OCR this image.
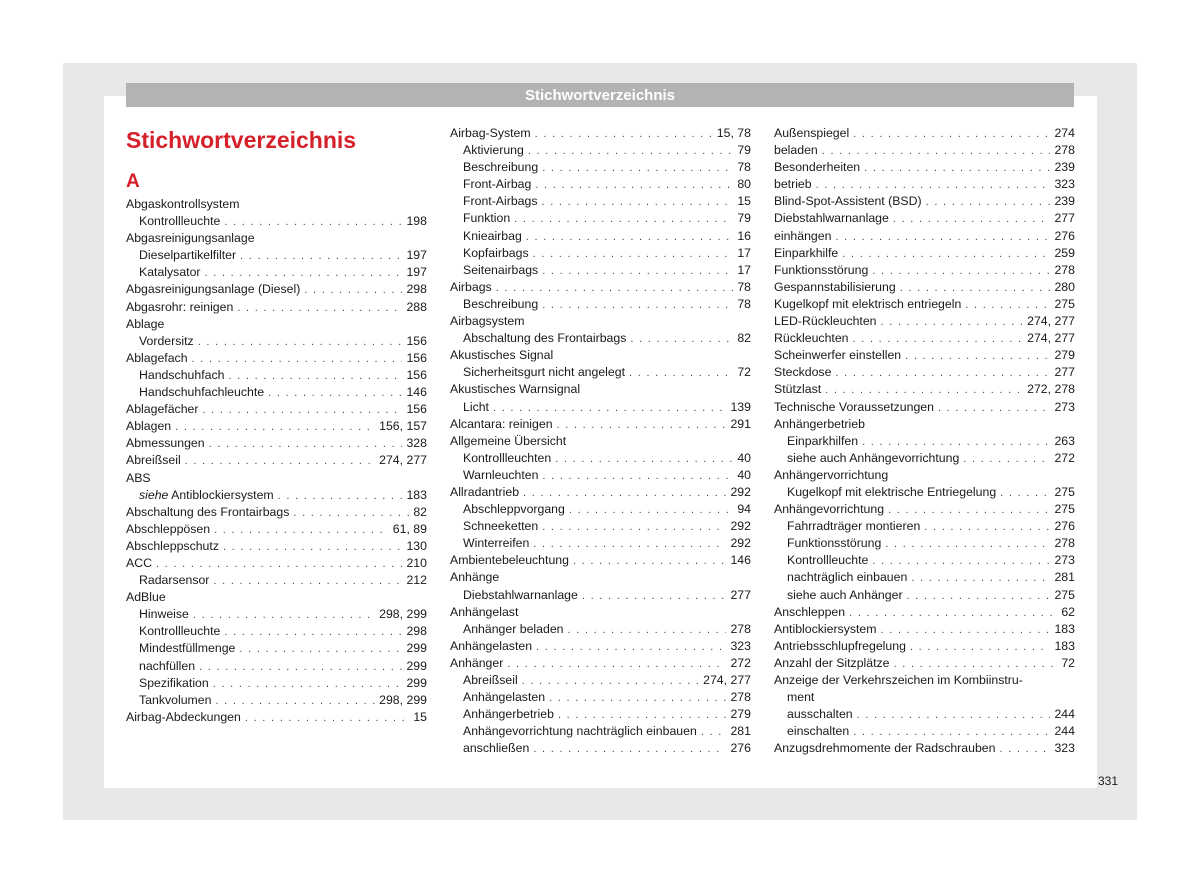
Stichwortverzeichnis
Stichwortverzeichnis
A
Abgaskontrollsystem
Kontrollleuchte . . .	198
Abgasreinigungsanlage
Dieselpartikelfilter . . .	197
Katalysator . . .	197
Abgasreinigungsanlage (Diesel) . . .	298
Abgasrohr: reinigen . . .	288
Ablage
Vordersitz . . .	156
Ablagefach . . .	156
Handschuhfach . . .	156
Handschuhfachleuchte . . .	146
Ablagefächer . . .	156
Ablagen . . .	156, 157
Abmessungen . . .	328
Abreißseil . . .	274, 277
ABS
siehe Antiblockiersystem . . .	183
Abschaltung des Frontairbags . . .	82
Abschleppösen . . .	61, 89
Abschleppschutz . . .	130
ACC . . .	210
Radarsensor . . .	212
AdBlue
Hinweise . . .	298, 299
Kontrollleuchte . . .	298
Mindestfüllmenge . . .	299
nachfüllen . . .	299
Spezifikation . . .	299
Tankvolumen . . .	298, 299
Airbag-Abdeckungen . . .	15
Airbag-System . . .	15, 78
Aktivierung . . .	79
Beschreibung . . .	78
Front-Airbag . . .	80
Front-Airbags . . .	15
Funktion . . .	79
Knieairbag . . .	16
Kopfairbags . . .	17
Seitenairbags . . .	17
Airbags . . .	78
Beschreibung . . .	78
Airbagsystem
Abschaltung des Frontairbags . . .	82
Akustisches Signal
Sicherheitsgurt nicht angelegt . . .	72
Akustisches Warnsignal
Licht . . .	139
Alcantara: reinigen . . .	291
Allgemeine Übersicht
Kontrollleuchten . . .	40
Warnleuchten . . .	40
Allradantrieb . . .	292
Abschleppvorgang . . .	94
Schneeketten . . .	292
Winterreifen . . .	292
Ambientebeleuchtung . . .	146
Anhänge
Diebstahlwarnanlage . . .	277
Anhängelast
Anhänger beladen . . .	278
Anhängelasten . . .	323
Anhänger . . .	272
Abreißseil . . .	274, 277
Anhängelasten . . .	278
Anhängerbetrieb . . .	279
Anhängevorrichtung nachträglich einbauen . . .	281
anschließen . . .	276
Außenspiegel . . .	274
beladen . . .	278
Besonderheiten . . .	239
betrieb . . .	323
Blind-Spot-Assistent (BSD) . . .	239
Diebstahlwarnanlage . . .	277
einhängen . . .	276
Einparkhilfe . . .	259
Funktionsstörung . . .	278
Gespannstabilisierung . . .	280
Kugelkopf mit elektrisch entriegeln . . .	275
LED-Rückleuchten . . .	274, 277
Rückleuchten . . .	274, 277
Scheinwerfer einstellen . . .	279
Steckdose . . .	277
Stützlast . . .	272, 278
Technische Voraussetzungen . . .	273
Anhängerbetrieb
Einparkhilfen . . .	263
siehe auch Anhängevorrichtung . . .	272
Anhängervorrichtung
Kugelkopf mit elektrische Entriegelung . . .	275
Anhängevorrichtung . . .	275
Fahrradträger montieren . . .	276
Funktionsstörung . . .	278
Kontrollleuchte . . .	273
nachträglich einbauen . . .	281
siehe auch Anhänger . . .	275
Anschleppen . . .	62
Antiblockiersystem . . .	183
Antriebsschlupfregelung . . .	183
Anzahl der Sitzplätze . . .	72
Anzeige der Verkehrszeichen im Kombiinstru-
ment
ausschalten . . .	244
einschalten . . .	244
Anzugsdrehmomente der Radschrauben . . .	323
331
